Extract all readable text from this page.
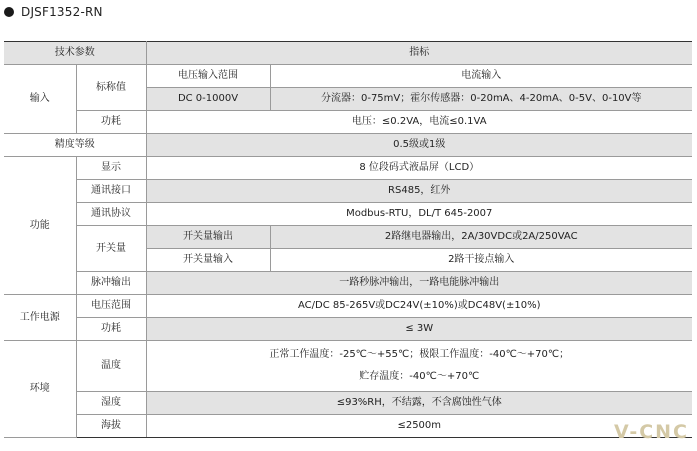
DJSF1352-RN
技术参数		指标	
输入	标称值	电压输入范围	电流输入
		DC 0-1000V	分流器：0-75mV；霍尔传感器：0-20mA、4-20mA、0-5V、0-10V等
	功耗	电压：≤0.2VA，电流≤0.1VA	
精度等级		0.5级或1级	
功能	显示	8 位段码式液晶屏（LCD）	
	通讯接口	RS485，红外	
	通讯协议	Modbus-RTU，DL/T 645-2007	
	开关量	开关量输出	2路继电器输出，2A/30VDC或2A/250VAC
		开关量输入	2路干接点输入
	脉冲输出	一路秒脉冲输出，一路电能脉冲输出	
工作电源	电压范围	AC/DC 85-265V或DC24V(±10%)或DC48V(±10%)	
	功耗	≤ 3W	
环境	温度	正常工作温度：-25℃～+55℃；极限工作温度：-40℃～+70℃；
贮存温度：-40℃～+70℃	

	湿度	≤93%RH，不结露，不含腐蚀性气体	
	海拔	≤2500m		V-CNC
